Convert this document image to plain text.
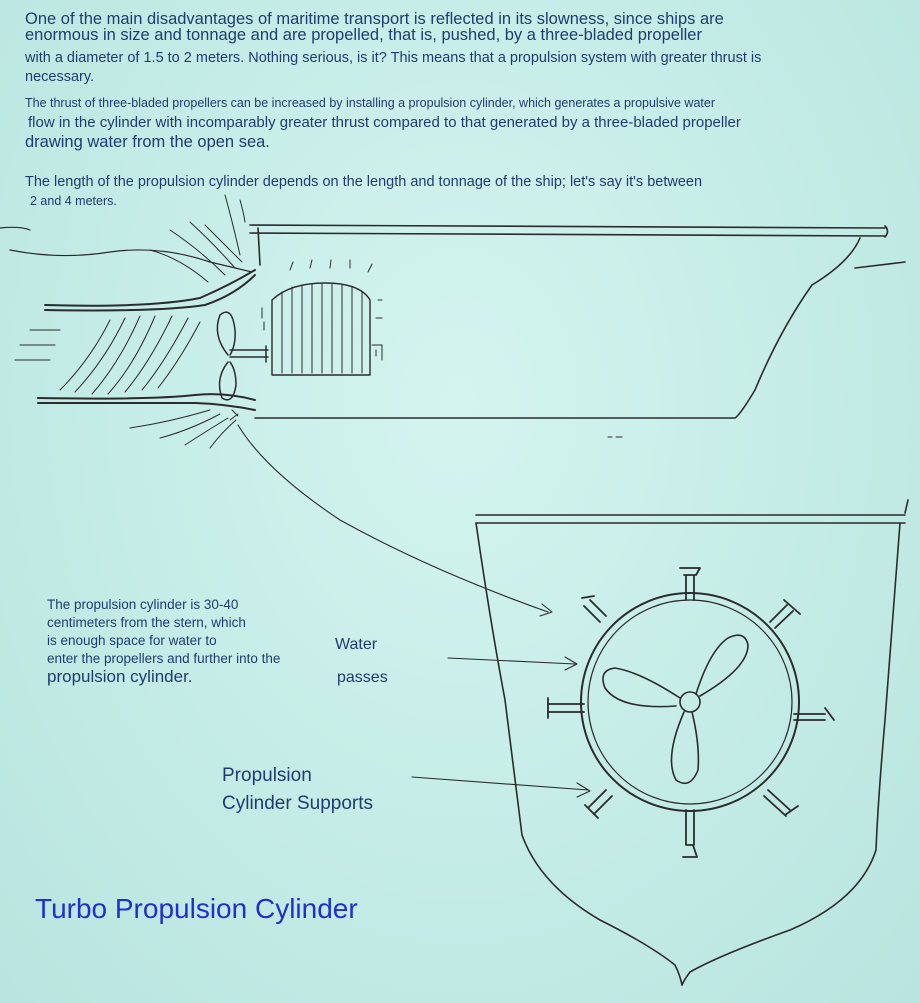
One of the main disadvantages of maritime transport is reflected in its slowness, since ships are
enormous in size and tonnage and are propelled, that is, pushed, by a three-bladed propeller
with a diameter of 1.5 to 2 meters. Nothing serious, is it? This means that a propulsion system with greater thrust is
necessary.
The thrust of three-bladed propellers can be increased by installing a propulsion cylinder, which generates a propulsive water
flow in the cylinder with incomparably greater thrust compared to that generated by a three-bladed propeller
drawing water from the open sea.
The length of the propulsion cylinder depends on the length and tonnage of the ship; let's say it's between
2 and 4 meters.
The propulsion cylinder is 30-40
centimeters from the stern, which
is enough space for water to
enter the propellers and further into the
propulsion cylinder.
Water
passes
Propulsion
Cylinder Supports
Turbo Propulsion Cylinder
